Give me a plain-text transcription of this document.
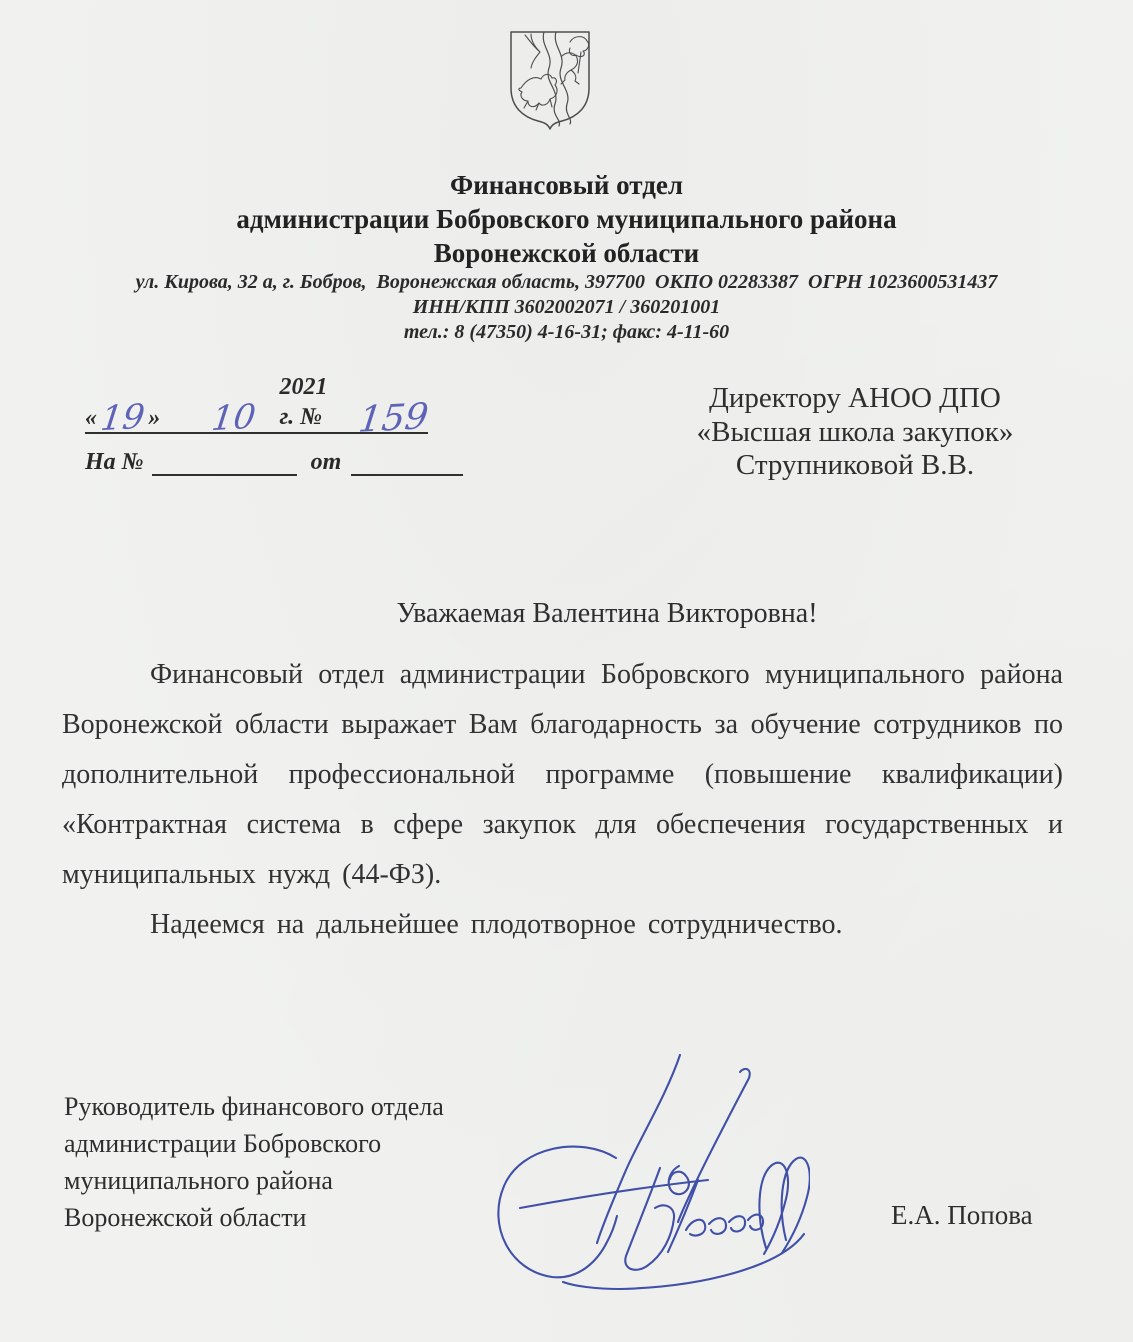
Финансовый отдел
администрации Бобровского муниципального района
Воронежской области
ул. Кирова, 32 а, г. Бобров,  Воронежская область, 397700  ОКПО 02283387  ОГРН 1023600531437
ИНН/КПП 3602002071 / 360201001
тел.: 8 (47350) 4-16-31; факс: 4-11-60
« 19 » 10
2021 г. № 159
На №	от
Директору АНОО ДПО
«Высшая школа закупок»
Струпниковой В.В.
Уважаемая Валентина Викторовна!

Финансовый отдел администрации Бобровского муниципального района Воронежской области выражает Вам благодарность за обучение сотрудников по дополнительной профессиональной программе (повышение квалификации) «Контрактная система в сфере закупок для обеспечения государственных и муниципальных нужд (44-ФЗ).

Надеемся на дальнейшее плодотворное сотрудничество.

Руководитель финансового отдела
администрации Бобровского
муниципального района
Воронежской области	Е.А. Попова
